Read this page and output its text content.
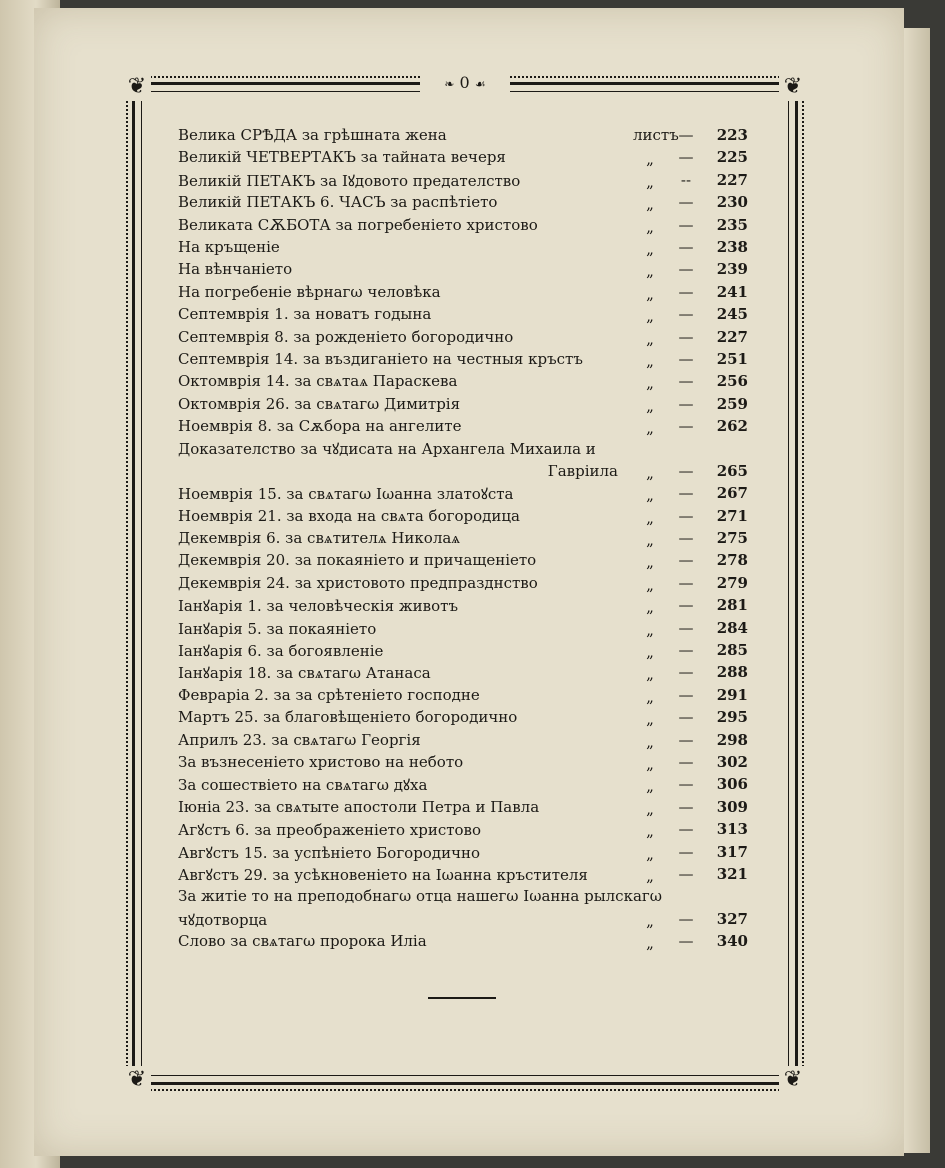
❦	❦
❦	❦
❧ 0 ☙
Велика СРѢДА за грѣшната жена	листъ —	223
Великій ЧЕТВЕРТАКЪ за тайната вечеря	„	—	225
Великій ПЕТАКЪ за Іꙋдовото предателство	„	--	227
Великій ПЕТАКЪ 6. ЧАСЪ за распѣтіето	„	—	230
Великата СѪБОТА за погребеніето христово	„	—	235
На кръщеніе	„	—	238
На вѣнчаніето	„	—	239
На погребеніе вѣрнагω человѣка	„	—	241
Септемврія 1. за новатъ годына	„	—	245
Септемврія 8. за рожденіето богородично	„	—	227
Септемврія 14. за въздиганіето на честныя кръстъ	„	—	251
Октомврія 14. за свѧтаѧ Параскева	„	—	256
Октомврія 26. за свѧтагω Димитрія	„	—	259
Ноемврія 8. за Сѫбора на ангелите	„	—	262
Доказателство за чꙋдисата на Архангела Михаила и
Гавріила	„	—	265
Ноемврія 15. за свѧтагω Іωанна златоꙋста	„	—	267
Ноемврія 21. за входа на свѧта богородица	„	—	271
Декемврія 6. за свѧтителѧ Николаѧ	„	—	275
Декемврія 20. за покаяніето и причащеніето	„	—	278
Декемврія 24. за христовото предпразднство	„	—	279
Іанꙋарія 1. за человѣческія животъ	„	—	281
Іанꙋарія 5. за покаяніето	„	—	284
Іанꙋарія 6. за богоявленіе	„	—	285
Іанꙋарія 18. за свѧтагω Атанаса	„	—	288
Февраріа 2. за за срѣтеніето господне	„	—	291
Мартъ 25. за благовѣщеніето богородично	„	—	295
Априлъ 23. за свѧтагω Георгія	„	—	298
За възнесеніето христово на небото	„	—	302
За сошествіето на свѧтагω дꙋха	„	—	306
Іюніа 23. за свѧтыте апостоли Петра и Павла	„	—	309
Агꙋстъ 6. за преображеніето христово	„	—	313
Авгꙋстъ 15. за успѣніето Богородично	„	—	317
Авгꙋстъ 29. за усѣкновеніето на Іωанна кръстителя	„	—	321
За житіе то на преподобнагω отца нашегω Іωанна рылскагω
чꙋдотворца	„	—	327
Слово за свѧтагω пророка Иліа	„	—	340
